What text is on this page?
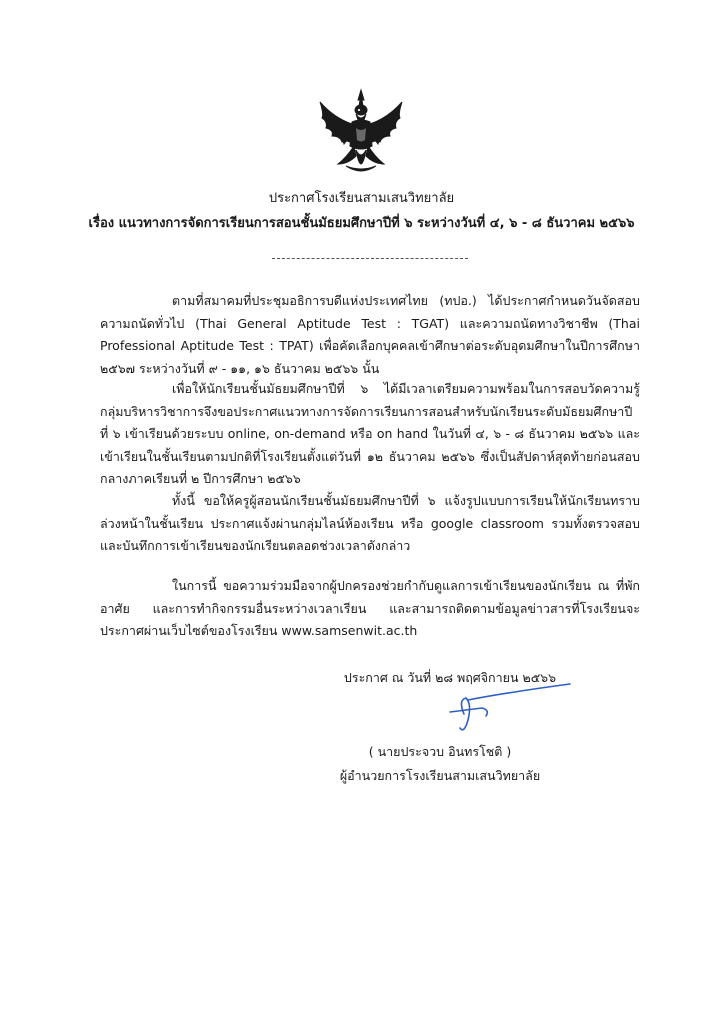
ประกาศโรงเรียนสามเสนวิทยาลัย
เรื่อง แนวทางการจัดการเรียนการสอนชั้นมัธยมศึกษาปีที่ ๖ ระหว่างวันที่ ๔, ๖ - ๘ ธันวาคม ๒๕๖๖
ตามที่สมาคมที่ประชุมอธิการบดีแห่งประเทศไทย (ทปอ.) ได้ประกาศกำหนดวันจัดสอบความถนัดทั่วไป (Thai General Aptitude Test : TGAT) และความถนัดทางวิชาชีพ (Thai Professional Aptitude Test : TPAT) เพื่อคัดเลือกบุคคลเข้าศึกษาต่อระดับอุดมศึกษาในปีการศึกษา ๒๕๖๗ ระหว่างวันที่ ๙ - ๑๑, ๑๖ ธันวาคม ๒๕๖๖ นั้น
เพื่อให้นักเรียนชั้นมัธยมศึกษาปีที่ ๖ ได้มีเวลาเตรียมความพร้อมในการสอบวัดความรู้ กลุ่มบริหารวิชาการจึงขอประกาศแนวทางการจัดการเรียนการสอนสำหรับนักเรียนระดับมัธยมศึกษาปีที่ ๖ เข้าเรียนด้วยระบบ online, on-demand หรือ on hand ในวันที่ ๔, ๖ - ๘ ธันวาคม ๒๕๖๖ และเข้าเรียนในชั้นเรียนตามปกติที่โรงเรียนตั้งแต่วันที่ ๑๒ ธันวาคม ๒๕๖๖ ซึ่งเป็นสัปดาห์สุดท้ายก่อนสอบกลางภาคเรียนที่ ๒ ปีการศึกษา ๒๕๖๖
ทั้งนี้ ขอให้ครูผู้สอนนักเรียนชั้นมัธยมศึกษาปีที่ ๖ แจ้งรูปแบบการเรียนให้นักเรียนทราบล่วงหน้าในชั้นเรียน ประกาศแจ้งผ่านกลุ่มไลน์ห้องเรียน หรือ google classroom รวมทั้งตรวจสอบและบันทึกการเข้าเรียนของนักเรียนตลอดช่วงเวลาดังกล่าว
ในการนี้ ขอความร่วมมือจากผู้ปกครองช่วยกำกับดูแลการเข้าเรียนของนักเรียน ณ ที่พักอาศัย และการทำกิจกรรมอื่นระหว่างเวลาเรียน และสามารถติดตามข้อมูลข่าวสารที่โรงเรียนจะประกาศผ่านเว็บไซต์ของโรงเรียน www.samsenwit.ac.th
ประกาศ ณ วันที่ ๒๘ พฤศจิกายน ๒๕๖๖
( นายประจวบ อินทรโชติ )
ผู้อำนวยการโรงเรียนสามเสนวิทยาลัย
